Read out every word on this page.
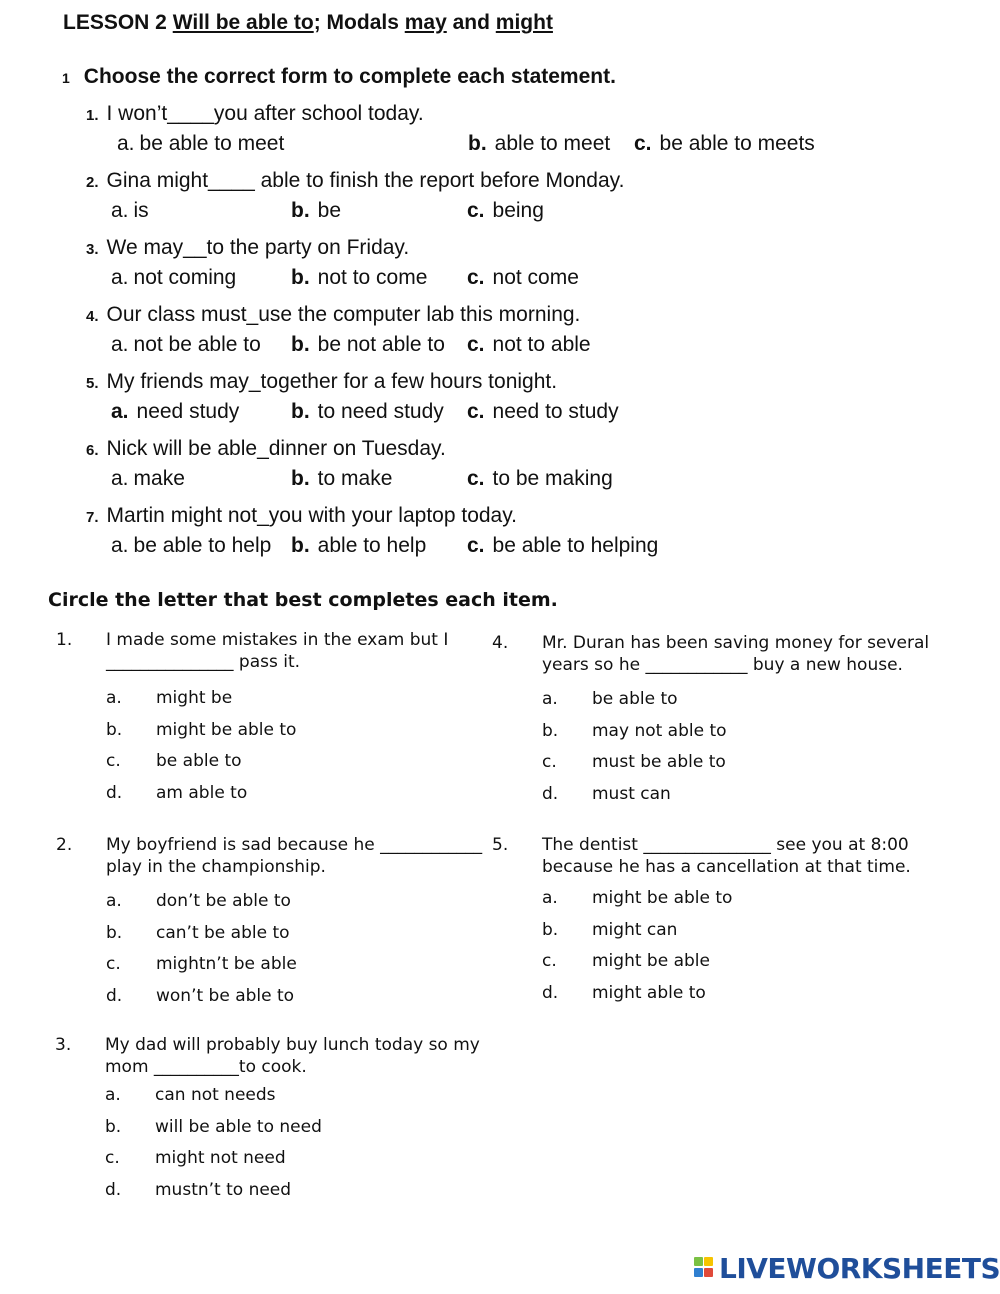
LESSON 2 Will be able to; Modals may and might
1 Choose the correct form to complete each statement.
1. I won’t____you after school today.
a. be able to meet	b. able to meet c. be able to meets
2. Gina might____ able to finish the report before Monday.
a. is	b. be	c. being
3. We may__to the party on Friday.
a. not coming	b. not to come c. not come
4. Our class must_use the computer lab this morning.
a. not be able to b. be not able to c. not to able
5. My friends may_together for a few hours tonight.
a. need study b. to need study c. need to study
6. Nick will be able_dinner on Tuesday.
a. make	b. to make	c. to be making
7. Martin might not_you with your laptop today.
a. be able to help b. able to help c. be able to helping
Circle the letter that best completes each item.
1. I made some mistakes in the exam but I
_______________ pass it.
a. might be
b. might be able to
c. be able to
d. am able to
2. My boyfriend is sad because he ____________
play in the championship.
a. don’t be able to
b. can’t be able to
c. mightn’t be able
d. won’t be able to
3. My dad will probably buy lunch today so my
mom __________to cook.
a. can not needs
b. will be able to need
c. might not need
d. mustn’t to need
4. Mr. Duran has been saving money for several
years so he ____________ buy a new house.
a. be able to
b. may not able to
c. must be able to
d. must can
5. The dentist _______________ see you at 8:00
because he has a cancellation at that time.
a. might be able to
b. might can
c. might be able
d. might able to
LIVEWORKSHEETS
